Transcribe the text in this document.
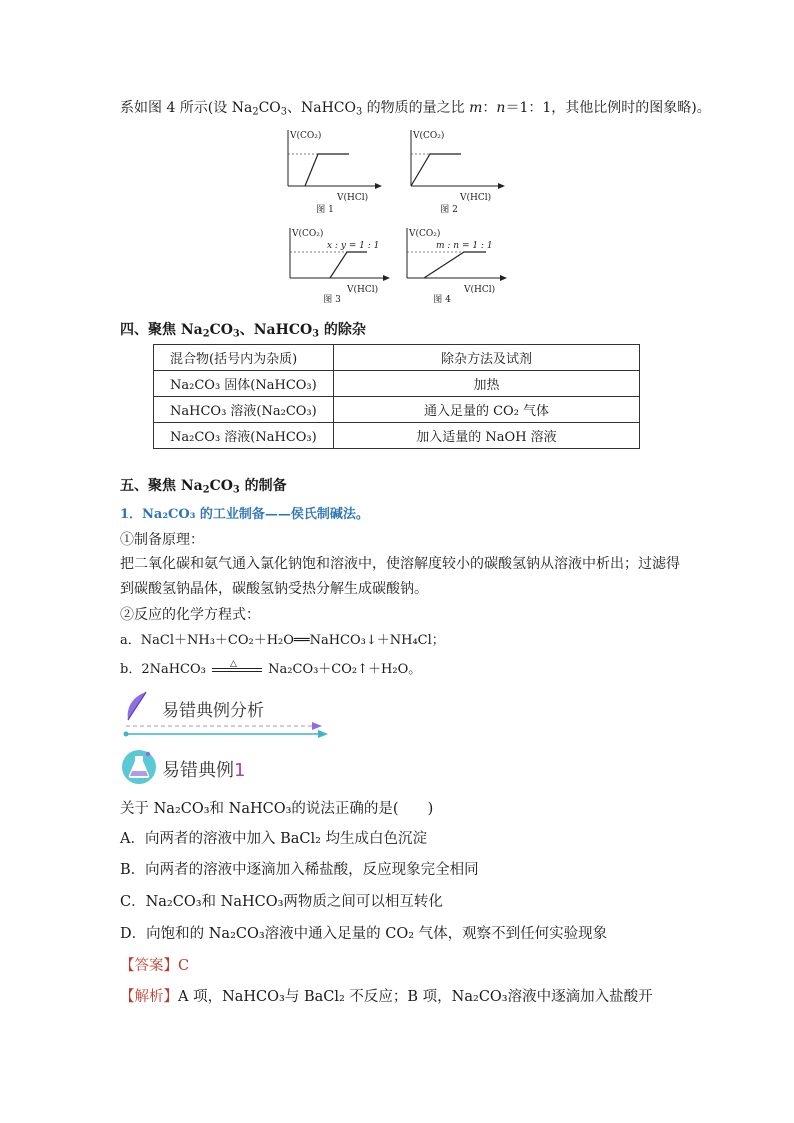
系如图 4 所示(设 $Na_2CO_3$、NaHCO$_3$ 的物质的量之比 m：n＝1：1，其他比例时的图象略)。
V(CO₂)
V(HCl)
图 1
V(CO₂)
V(HCl)
图 2
V(CO₂)
x : y = 1 : 1
V(HCl)
图 3
V(CO₂)
m : n = 1 : 1
V(HCl)
图 4
四、聚焦 $Na_2CO_3$、NaHCO$_3$ 的除杂
混合物(括号内为杂质)	除杂方法及试剂
Na₂CO₃ 固体(NaHCO₃)	加热
NaHCO₃ 溶液(Na₂CO₃)	通入足量的 CO₂ 气体
Na₂CO₃ 溶液(NaHCO₃)	加入适量的 NaOH 溶液
五、聚焦 $Na_2CO_3$ 的制备
1．Na₂CO₃ 的工业制备——侯氏制碱法。
①制备原理：
把二氧化碳和氨气通入氯化钠饱和溶液中，使溶解度较小的碳酸氢钠从溶液中析出；过滤得
到碳酸氢钠晶体，碳酸氢钠受热分解生成碳酸钠。
②反应的化学方程式：
a．NaCl＋NH₃＋CO₂＋H₂O══NaHCO₃↓＋NH₄Cl；
b．2NaHCO₃	△ Na₂CO₃＋CO₂↑＋H₂O。
易错典例分析
易错典例1
关于 Na₂CO₃和 NaHCO₃的说法正确的是(　　)
A．向两者的溶液中加入 BaCl₂ 均生成白色沉淀
B．向两者的溶液中逐滴加入稀盐酸，反应现象完全相同
C．Na₂CO₃和 NaHCO₃两物质之间可以相互转化
D．向饱和的 Na₂CO₃溶液中通入足量的 CO₂ 气体，观察不到任何实验现象
【答案】C
【解析】A 项，NaHCO₃与 BaCl₂ 不反应；B 项，Na₂CO₃溶液中逐滴加入盐酸开
